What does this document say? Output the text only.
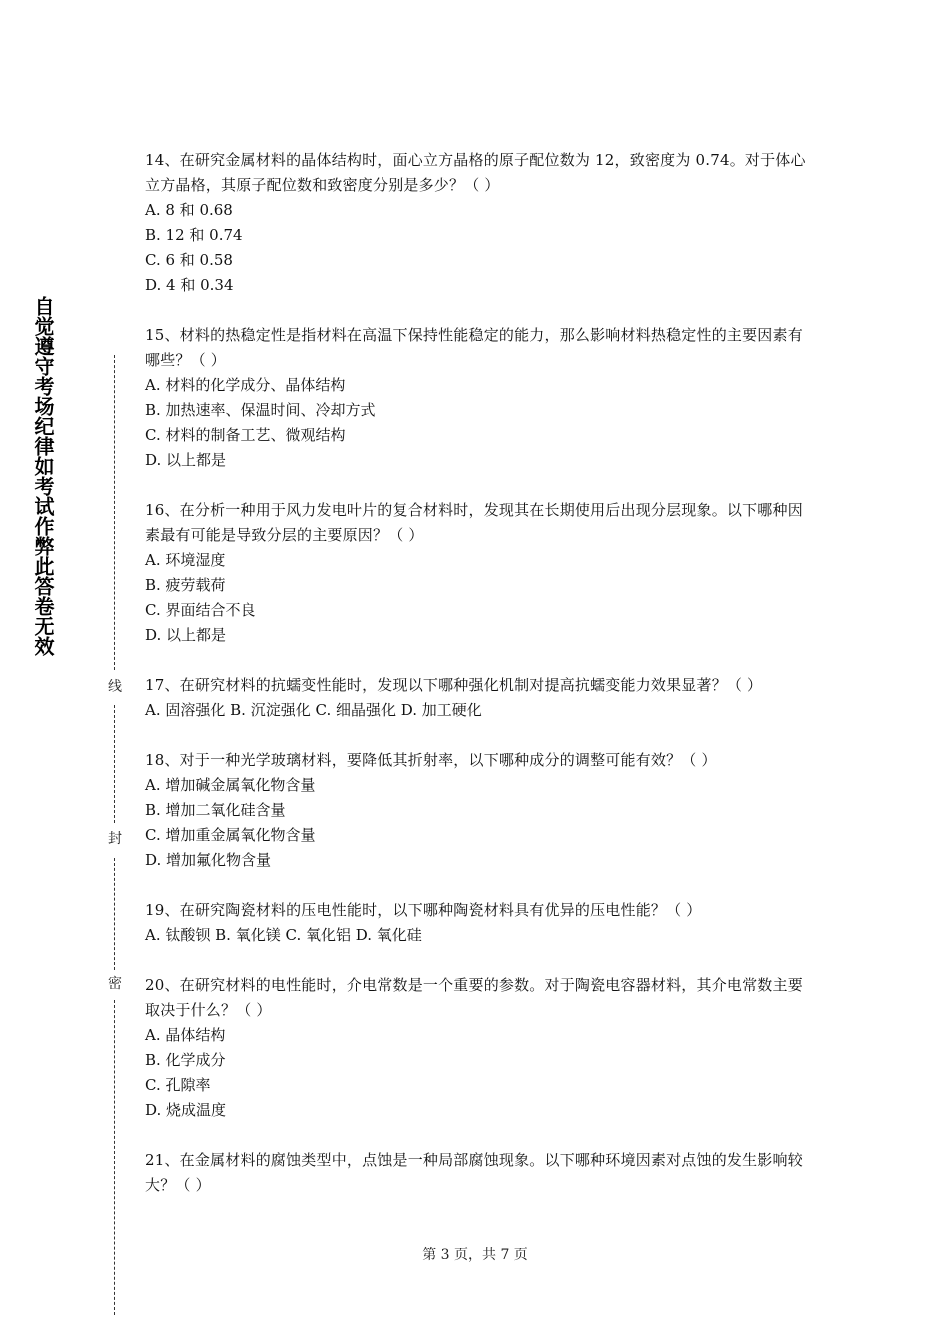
自觉遵守考场纪律如考试作弊此答卷无效
线
封
密
14、在研究金属材料的晶体结构时，面心立方晶格的原子配位数为 12，致密度为 0.74。对于体心立方晶格，其原子配位数和致密度分别是多少？（ ）
A. 8 和 0.68
B. 12 和 0.74
C. 6 和 0.58
D. 4 和 0.34
15、材料的热稳定性是指材料在高温下保持性能稳定的能力，那么影响材料热稳定性的主要因素有哪些？（ ）
A. 材料的化学成分、晶体结构
B. 加热速率、保温时间、冷却方式
C. 材料的制备工艺、微观结构
D. 以上都是
16、在分析一种用于风力发电叶片的复合材料时，发现其在长期使用后出现分层现象。以下哪种因素最有可能是导致分层的主要原因？（ ）
A. 环境湿度
B. 疲劳载荷
C. 界面结合不良
D. 以上都是
17、在研究材料的抗蠕变性能时，发现以下哪种强化机制对提高抗蠕变能力效果显著？（ ）
A. 固溶强化 B. 沉淀强化 C. 细晶强化 D. 加工硬化
18、对于一种光学玻璃材料，要降低其折射率，以下哪种成分的调整可能有效？（ ）
A. 增加碱金属氧化物含量
B. 增加二氧化硅含量
C. 增加重金属氧化物含量
D. 增加氟化物含量
19、在研究陶瓷材料的压电性能时，以下哪种陶瓷材料具有优异的压电性能？（ ）
A. 钛酸钡 B. 氧化镁 C. 氧化铝 D. 氧化硅
20、在研究材料的电性能时，介电常数是一个重要的参数。对于陶瓷电容器材料，其介电常数主要取决于什么？（ ）
A. 晶体结构
B. 化学成分
C. 孔隙率
D. 烧成温度
21、在金属材料的腐蚀类型中，点蚀是一种局部腐蚀现象。以下哪种环境因素对点蚀的发生影响较大？（ ）
第 3 页，共 7 页
